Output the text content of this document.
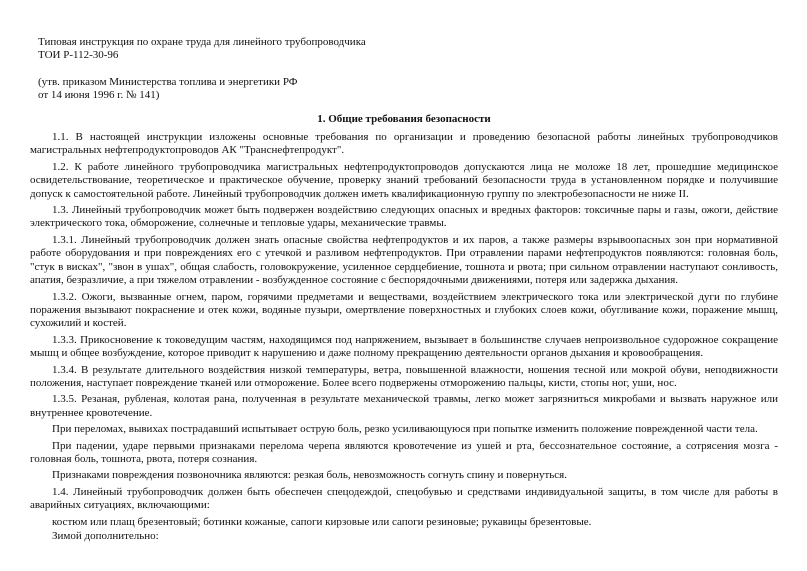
Типовая инструкция по охране труда для линейного трубопроводчика

ТОИ Р-112-30-96

(утв. приказом Министерства топлива и энергетики РФ

от 14 июня 1996 г. № 141)

1. Общие требования безопасности

1.1. В настоящей инструкции изложены основные требования по организации и проведению безопасной работы линейных трубопроводчиков магистральных нефтепродуктопроводов АК "Транснефтепродукт".

1.2. К работе линейного трубопроводчика магистральных нефтепродуктопроводов допускаются лица не моложе 18 лет, прошедшие медицинское освидетельствование, теоретическое и практическое обучение, проверку знаний требований безопасности труда в установленном порядке и получившие допуск к самостоятельной работе. Линейный трубопроводчик должен иметь квалификационную группу по электробезопасности не ниже II.

1.3. Линейный трубопроводчик может быть подвержен воздействию следующих опасных и вредных факторов: токсичные пары и газы, ожоги, действие электрического тока, обморожение, солнечные и тепловые удары, механические травмы.

1.3.1. Линейный трубопроводчик должен знать опасные свойства нефтепродуктов и их паров, а также размеры взрывоопасных зон при нормативной работе оборудования и при повреждениях его с утечкой и разливом нефтепродуктов. При отравлении парами нефтепродуктов появляются: головная боль, "стук в висках", "звон в ушах", общая слабость, головокружение, усиленное сердцебиение, тошнота и рвота; при сильном отравлении наступают сонливость, апатия, безразличие, а при тяжелом отравлении - возбужденное состояние с беспорядочными движениями, потеря или задержка дыхания.

1.3.2. Ожоги, вызванные огнем, паром, горячими предметами и веществами, воздействием электрического тока или электрической дуги по глубине поражения вызывают покраснение и отек кожи, водяные пузыри, омертвление поверхностных и глубоких слоев кожи, обугливание кожи, поражение мышц, сухожилий и костей.

1.3.3. Прикосновение к токоведущим частям, находящимся под напряжением, вызывает в большинстве случаев непроизвольное судорожное сокращение мышц и общее возбуждение, которое приводит к нарушению и даже полному прекращению деятельности органов дыхания и кровообращения.

1.3.4. В результате длительного воздействия низкой температуры, ветра, повышенной влажности, ношения тесной или мокрой обуви, неподвижности положения, наступает повреждение тканей или отморожение. Более всего подвержены отморожению пальцы, кисти, стопы ног, уши, нос.

1.3.5. Резаная, рубленая, колотая рана, полученная в результате механической травмы, легко может загрязниться микробами и вызвать наружное или внутреннее кровотечение.

При переломах, вывихах пострадавший испытывает острую боль, резко усиливающуюся при попытке изменить положение поврежденной части тела.

При падении, ударе первыми признаками перелома черепа являются кровотечение из ушей и рта, бессознательное состояние, а сотрясения мозга - головная боль, тошнота, рвота, потеря сознания.

Признаками повреждения позвоночника являются: резкая боль, невозможность согнуть спину и повернуться.

1.4. Линейный трубопроводчик должен быть обеспечен спецодеждой, спецобувью и средствами индивидуальной защиты, в том числе для работы в аварийных ситуациях, включающими:

костюм или плащ брезентовый; ботинки кожаные, сапоги кирзовые или сапоги резиновые; рукавицы брезентовые.

Зимой дополнительно:
